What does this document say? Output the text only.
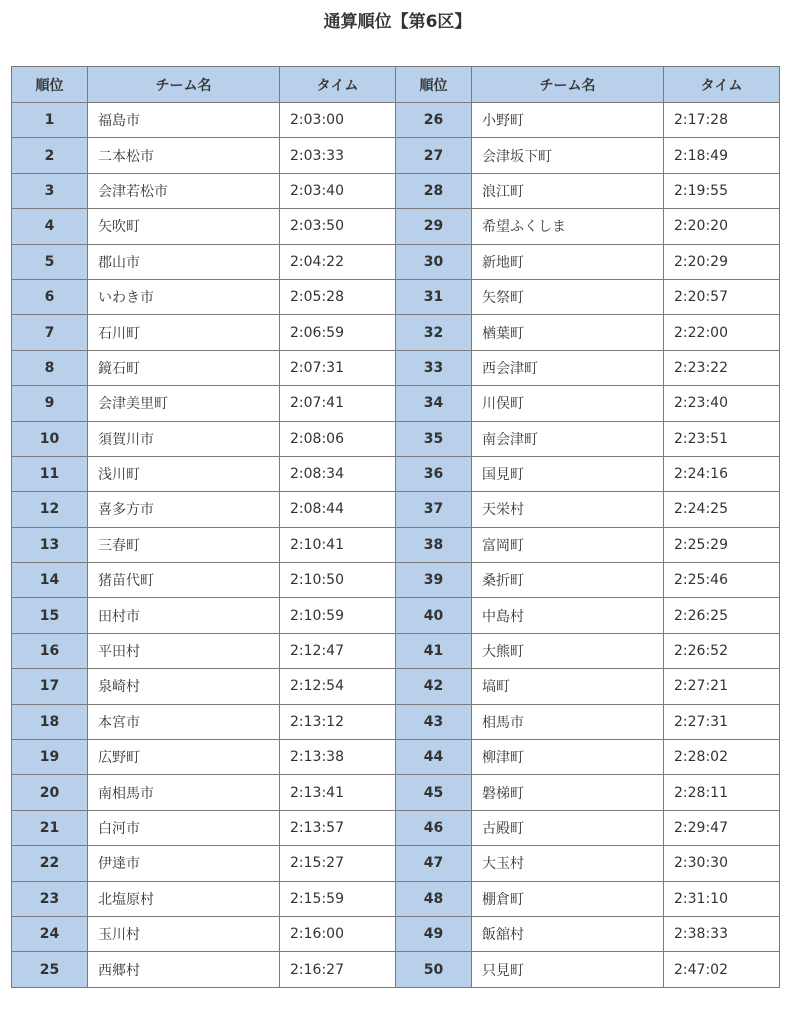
通算順位【第6区】
順位	チーム名	タイム	順位	チーム名	タイム
1	福島市	2:03:00	26	小野町	2:17:28
2	二本松市	2:03:33	27	会津坂下町	2:18:49
3	会津若松市	2:03:40	28	浪江町	2:19:55
4	矢吹町	2:03:50	29	希望ふくしま	2:20:20
5	郡山市	2:04:22	30	新地町	2:20:29
6	いわき市	2:05:28	31	矢祭町	2:20:57
7	石川町	2:06:59	32	楢葉町	2:22:00
8	鏡石町	2:07:31	33	西会津町	2:23:22
9	会津美里町	2:07:41	34	川俣町	2:23:40
10	須賀川市	2:08:06	35	南会津町	2:23:51
11	浅川町	2:08:34	36	国見町	2:24:16
12	喜多方市	2:08:44	37	天栄村	2:24:25
13	三春町	2:10:41	38	富岡町	2:25:29
14	猪苗代町	2:10:50	39	桑折町	2:25:46
15	田村市	2:10:59	40	中島村	2:26:25
16	平田村	2:12:47	41	大熊町	2:26:52
17	泉崎村	2:12:54	42	塙町	2:27:21
18	本宮市	2:13:12	43	相馬市	2:27:31
19	広野町	2:13:38	44	柳津町	2:28:02
20	南相馬市	2:13:41	45	磐梯町	2:28:11
21	白河市	2:13:57	46	古殿町	2:29:47
22	伊達市	2:15:27	47	大玉村	2:30:30
23	北塩原村	2:15:59	48	棚倉町	2:31:10
24	玉川村	2:16:00	49	飯舘村	2:38:33
25	西郷村	2:16:27	50	只見町	2:47:02
